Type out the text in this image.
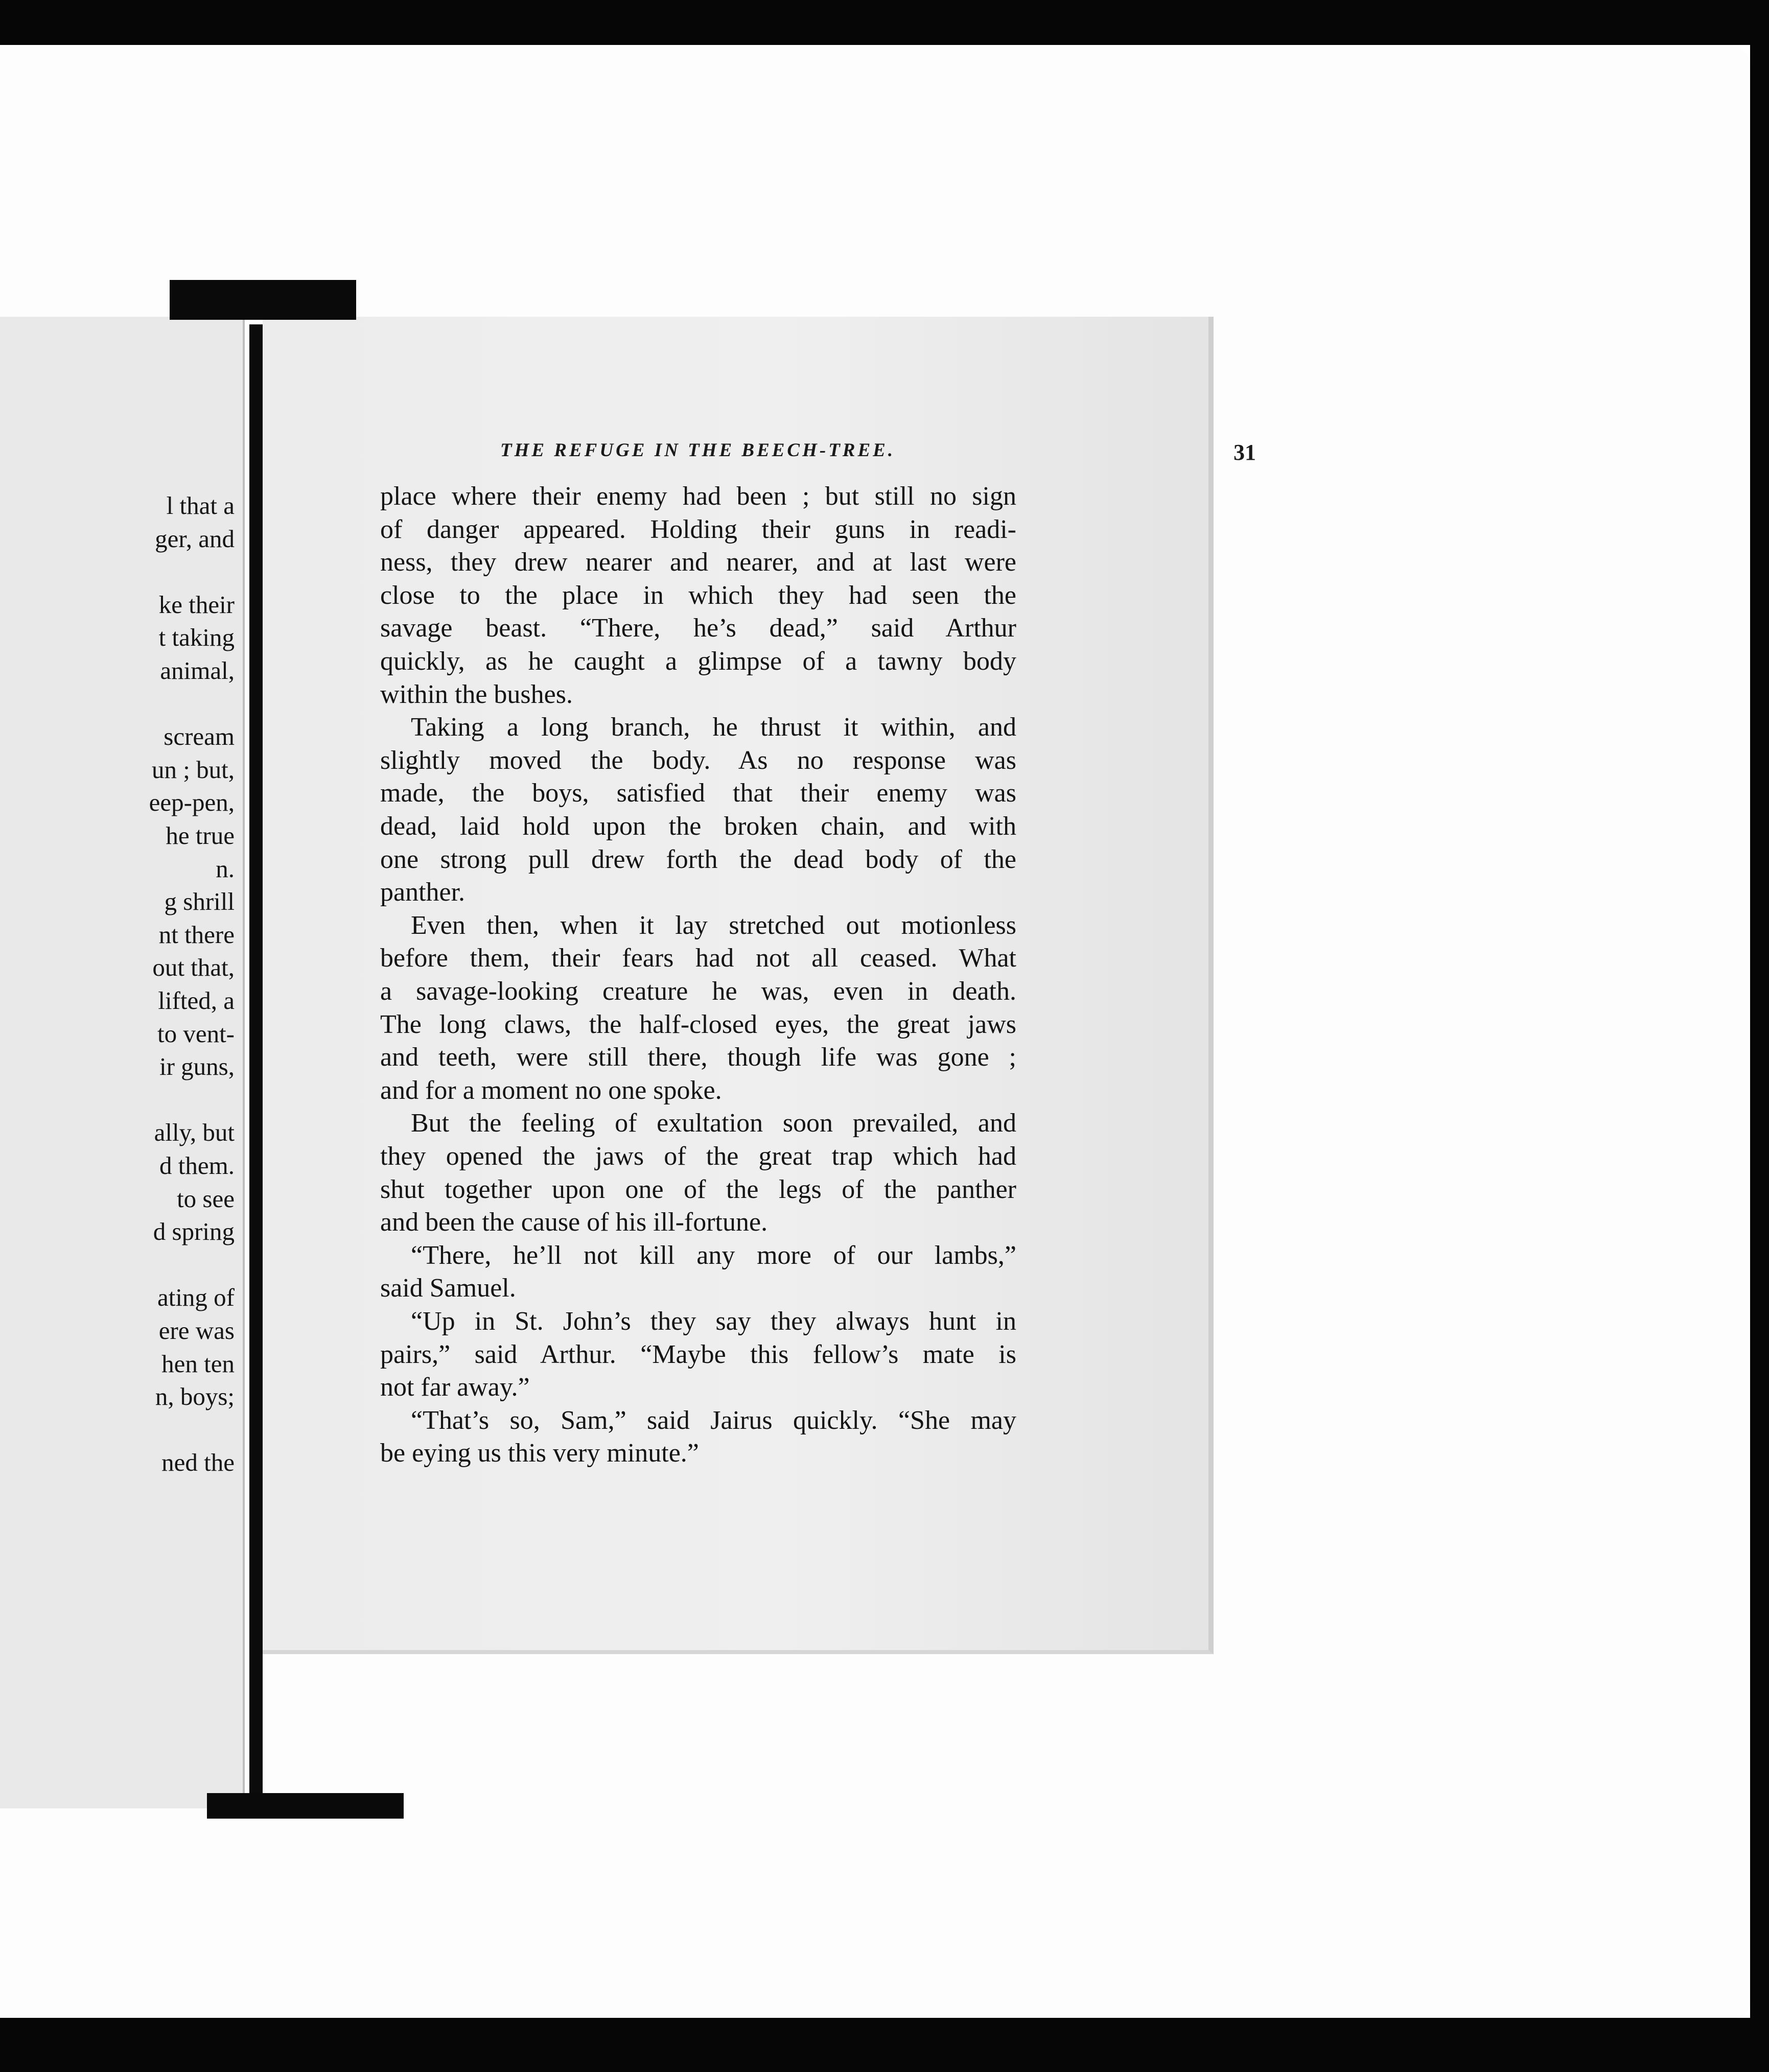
l that a
ger, and
ke their
t taking
animal,
scream
un ; but,
eep-pen,
he true
n.
g shrill
nt there
out that,
lifted, a
to vent-
ir guns,
ally, but
d them.
to see
d spring
ating of
ere was
hen ten
n, boys;
ned the
THE REFUGE IN THE BEECH-TREE.	31
place where their enemy had been ; but still no sign
of danger appeared. Holding their guns in readi-
ness, they drew nearer and nearer, and at last were
close to the place in which they had seen the
savage beast. “There, he’s dead,” said Arthur
quickly, as he caught a glimpse of a tawny body
within the bushes.
Taking a long branch, he thrust it within, and
slightly moved the body. As no response was
made, the boys, satisfied that their enemy was
dead, laid hold upon the broken chain, and with
one strong pull drew forth the dead body of the
panther.
Even then, when it lay stretched out motionless
before them, their fears had not all ceased. What
a savage-looking creature he was, even in death.
The long claws, the half-closed eyes, the great jaws
and teeth, were still there, though life was gone ;
and for a moment no one spoke.
But the feeling of exultation soon prevailed, and
they opened the jaws of the great trap which had
shut together upon one of the legs of the panther
and been the cause of his ill-fortune.
“There, he’ll not kill any more of our lambs,”
said Samuel.
“Up in St. John’s they say they always hunt in
pairs,” said Arthur. “Maybe this fellow’s mate is
not far away.”
“That’s so, Sam,” said Jairus quickly. “She may
be eying us this very minute.”
